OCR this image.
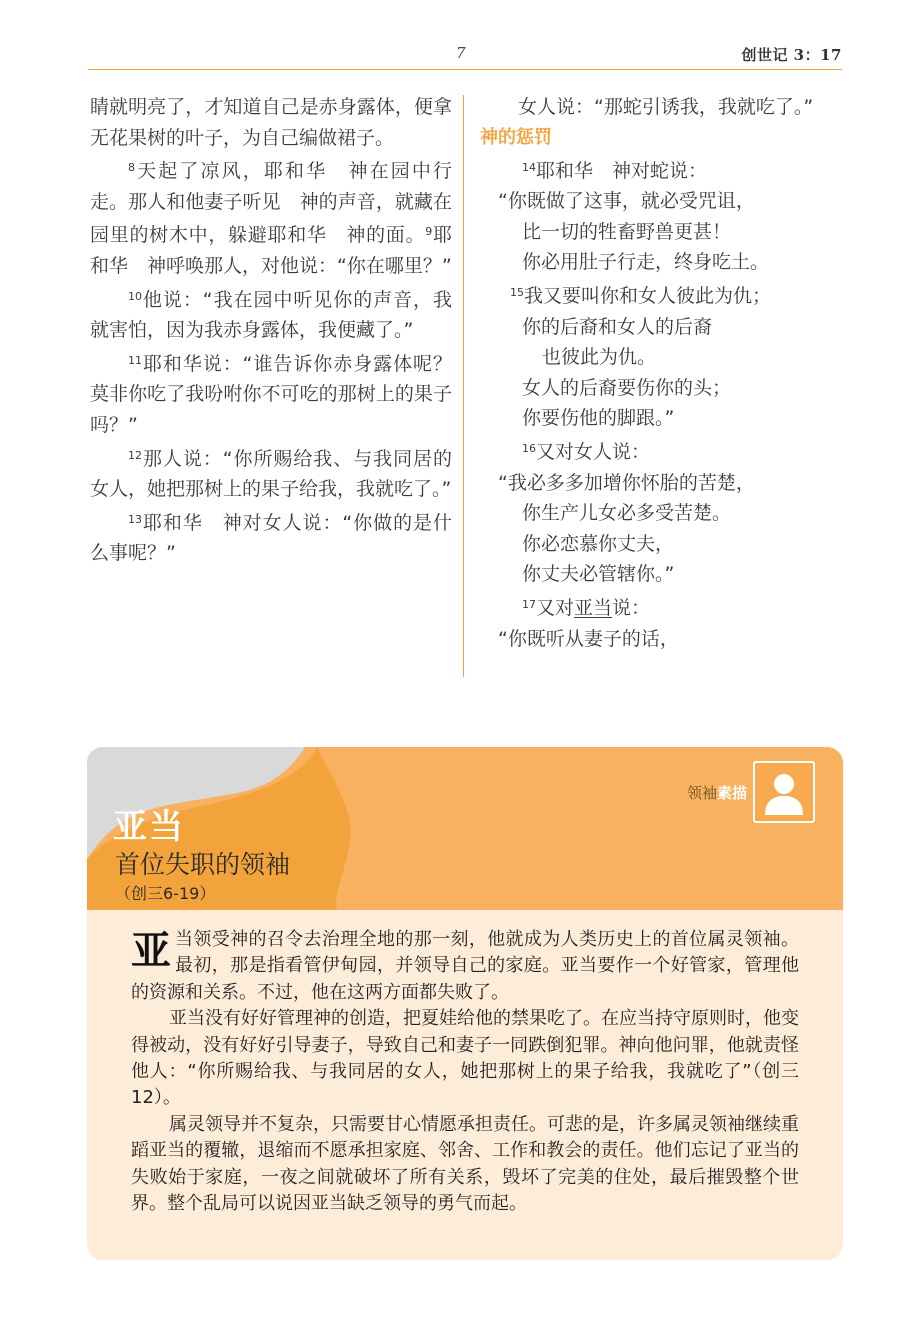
7	创世记 3：17

睛就明亮了，才知道自己是赤身露体，便拿无花果树的叶子，为自己编做裙子。

$^8$天起了凉风，耶和华　神在园中行走。那人和他妻子听见　神的声音，就藏在园里的树木中，躲避耶和华　神的面。$^9$耶和华　神呼唤那人，对他说：“你在哪里？”

$^{10}$他说：“我在园中听见你的声音，我就害怕，因为我赤身露体，我便藏了。”

$^{11}$耶和华说：“谁告诉你赤身露体呢？莫非你吃了我吩咐你不可吃的那树上的果子吗？”

$^{12}$那人说：“你所赐给我、与我同居的女人，她把那树上的果子给我，我就吃了。”

$^{13}$耶和华　神对女人说：“你做的是什么事呢？”

女人说：“那蛇引诱我，我就吃了。”

神的惩罚

$^{14}$耶和华　神对蛇说：

“你既做了这事，就必受咒诅，

比一切的牲畜野兽更甚！

你必用肚子行走，终身吃土。

$^{15}$我又要叫你和女人彼此为仇；

你的后裔和女人的后裔

也彼此为仇。

女人的后裔要伤你的头；

你要伤他的脚跟。”

$^{16}$又对女人说：

“我必多多加增你怀胎的苦楚，

你生产儿女必多受苦楚。

你必恋慕你丈夫，

你丈夫必管辖你。”

$^{17}$又对亚当说：

“你既听从妻子的话，

领袖素描
亚当
首位失职的领袖
（创三6-19）

亚当领受神的召令去治理全地的那一刻，他就成为人类历史上的首位属灵领袖。最初，那是指看管伊甸园，并领导自己的家庭。亚当要作一个好管家，管理他的资源和关系。不过，他在这两方面都失败了。

亚当没有好好管理神的创造，把夏娃给他的禁果吃了。在应当持守原则时，他变得被动，没有好好引导妻子，导致自己和妻子一同跌倒犯罪。神向他问罪，他就责怪他人：“你所赐给我、与我同居的女人，她把那树上的果子给我，我就吃了”（创三12）。

属灵领导并不复杂，只需要甘心情愿承担责任。可悲的是，许多属灵领袖继续重蹈亚当的覆辙，退缩而不愿承担家庭、邻舍、工作和教会的责任。他们忘记了亚当的失败始于家庭，一夜之间就破坏了所有关系，毁坏了完美的住处，最后摧毁整个世界。整个乱局可以说因亚当缺乏领导的勇气而起。
